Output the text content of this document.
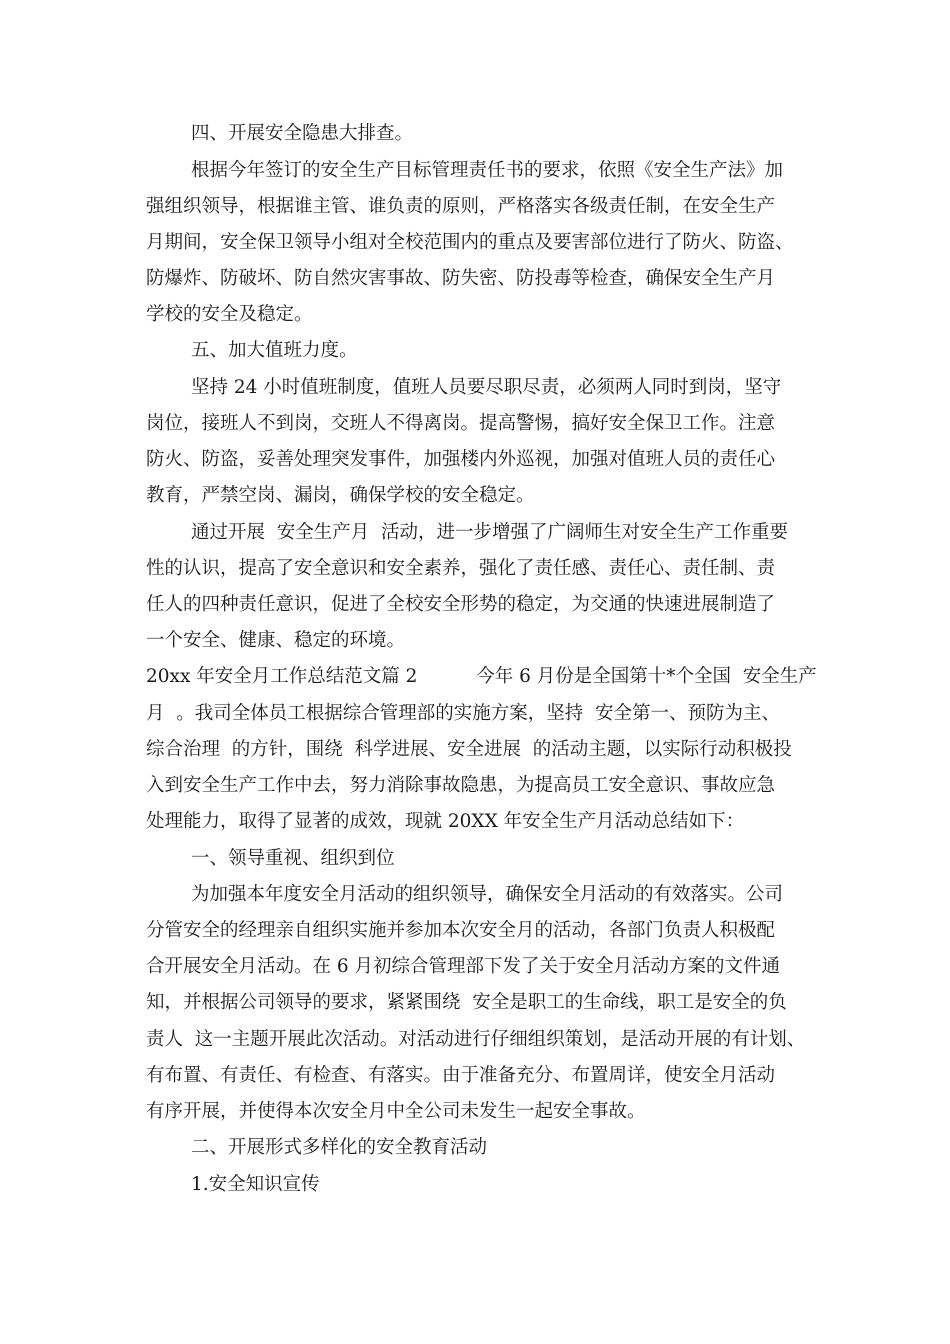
四、开展安全隐患大排查。
根据今年签订的安全生产目标管理责任书的要求，依照《安全生产法》加
强组织领导，根据谁主管、谁负责的原则，严格落实各级责任制，在安全生产
月期间，安全保卫领导小组对全校范围内的重点及要害部位进行了防火、防盗、
防爆炸、防破坏、防自然灾害事故、防失密、防投毒等检查，确保安全生产月
学校的安全及稳定。
五、加大值班力度。
坚持 24 小时值班制度，值班人员要尽职尽责，必须两人同时到岗，坚守
岗位，接班人不到岗，交班人不得离岗。提高警惕，搞好安全保卫工作。注意
防火、防盗，妥善处理突发事件，加强楼内外巡视，加强对值班人员的责任心
教育，严禁空岗、漏岗，确保学校的安全稳定。
通过开展  安全生产月  活动，进一步增强了广阔师生对安全生产工作重要
性的认识，提高了安全意识和安全素养，强化了责任感、责任心、责任制、责
任人的四种责任意识，促进了全校安全形势的稳定，为交通的快速进展制造了
一个安全、健康、稳定的环境。
20xx 年安全月工作总结范文篇 2          今年 6 月份是全国第十*个全国  安全生产
月  。我司全体员工根据综合管理部的实施方案，坚持  安全第一、预防为主、
综合治理  的方针，围绕  科学进展、安全进展  的活动主题，以实际行动积极投
入到安全生产工作中去，努力消除事故隐患，为提高员工安全意识、事故应急
处理能力，取得了显著的成效，现就 20XX 年安全生产月活动总结如下：
一、领导重视、组织到位
为加强本年度安全月活动的组织领导，确保安全月活动的有效落实。公司
分管安全的经理亲自组织实施并参加本次安全月的活动，各部门负责人积极配
合开展安全月活动。在 6 月初综合管理部下发了关于安全月活动方案的文件通
知，并根据公司领导的要求，紧紧围绕  安全是职工的生命线，职工是安全的负
责人  这一主题开展此次活动。对活动进行仔细组织策划，是活动开展的有计划、
有布置、有责任、有检查、有落实。由于准备充分、布置周详，使安全月活动
有序开展，并使得本次安全月中全公司未发生一起安全事故。
二、开展形式多样化的安全教育活动
1.安全知识宣传
